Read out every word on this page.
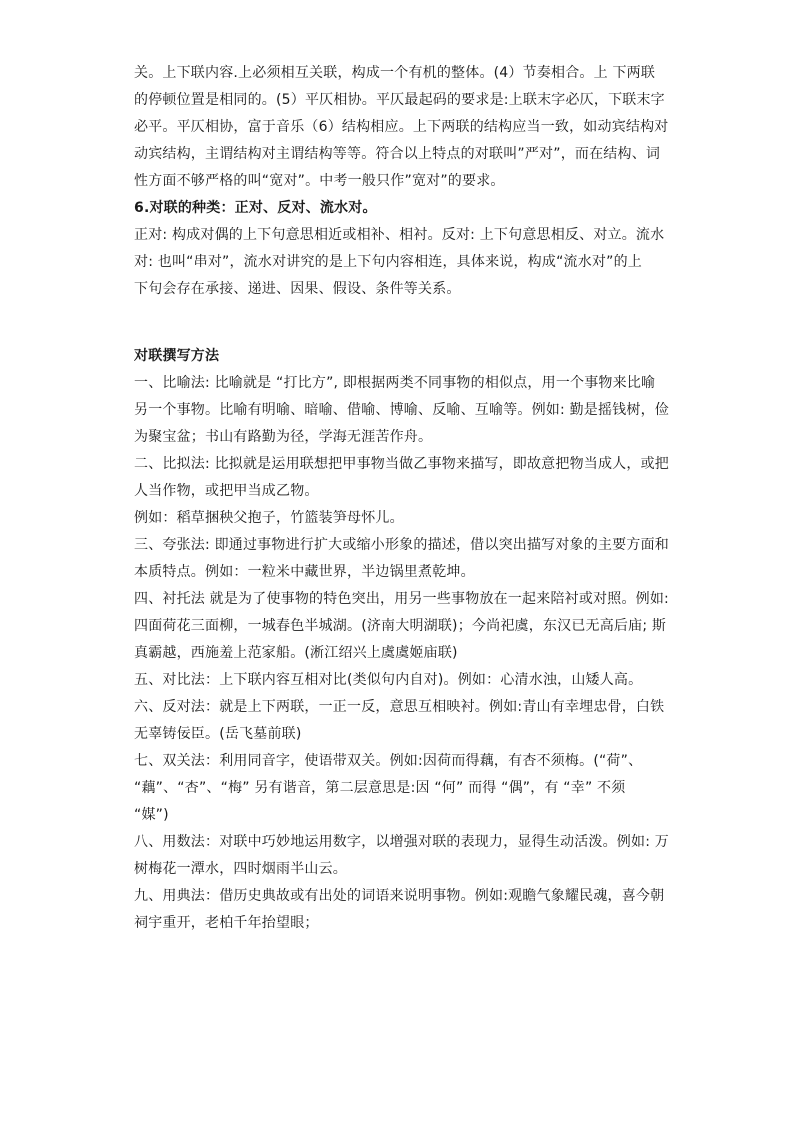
关。上下联内容.上必须相互关联，构成一个有机的整体。(4）节奏相合。上 下两联
的停顿位置是相同的。(5）平仄相协。平仄最起码的要求是:上联末字必仄，下联末字
必平。平仄相协，富于音乐（6）结构相应。上下两联的结构应当一致，如动宾结构对
动宾结构，主谓结构对主谓结构等等。符合以上特点的对联叫”严对”，而在结构、词
性方面不够严格的叫“宽对”。中考一般只作”宽对”的要求。
6.对联的种类：正对、反对、流水对。
正对: 构成对偶的上下句意思相近或相补、相衬。反对: 上下句意思相反、对立。流水
对: 也叫“串对”，流水对讲究的是上下句内容相连，具体来说，构成“流水对”的上
下句会存在承接、递进、因果、假设、条件等关系。
对联撰写方法
一、比喻法: 比喻就是 “打比方”, 即根据两类不同事物的相似点，用一个事物来比喻
另一个事物。比喻有明喻、暗喻、借喻、博喻、反喻、互喻等。例如: 勤是摇钱树，俭
为聚宝盆；书山有路勤为径，学海无涯苦作舟。
二、比拟法: 比拟就是运用联想把甲事物当做乙事物来描写，即故意把物当成人，或把
人当作物，或把甲当成乙物。
例如：稻草捆秧父抱子，竹篮装笋母怀儿。
三、夸张法: 即通过事物进行扩大或缩小形象的描述，借以突出描写对象的主要方面和
本质特点。例如：一粒米中藏世界，半边锅里煮乾坤。
四、衬托法 就是为了使事物的特色突出，用另一些事物放在一起来陪衬或对照。例如:
四面荷花三面柳，一城春色半城湖。(济南大明湖联)；今尚祀虞，东汉已无高后庙; 斯
真霸越，西施羞上范家船。(淅江绍兴上虞虞姬庙联)
五、对比法：上下联内容互相对比(类似句内自对)。例如：心清水浊，山矮人高。
六、反对法：就是上下两联，一正一反，意思互相映衬。例如:青山有幸埋忠骨，白铁
无辜铸佞臣。(岳飞墓前联)
七、双关法：利用同音字，使语带双关。例如:因荷而得藕，有杏不须梅。(“荷”、
“藕”、“杏”、“梅” 另有谐音，第二层意思是:因 “何” 而得 “偶”，有 “幸” 不须
“媒”)
八、用数法：对联中巧妙地运用数字，以增强对联的表现力，显得生动活泼。例如: 万
树梅花一潭水，四时烟雨半山云。
九、用典法：借历史典故或有出处的词语来说明事物。例如:观瞻气象耀民魂，喜今朝
祠宇重开，老柏千年抬望眼；
